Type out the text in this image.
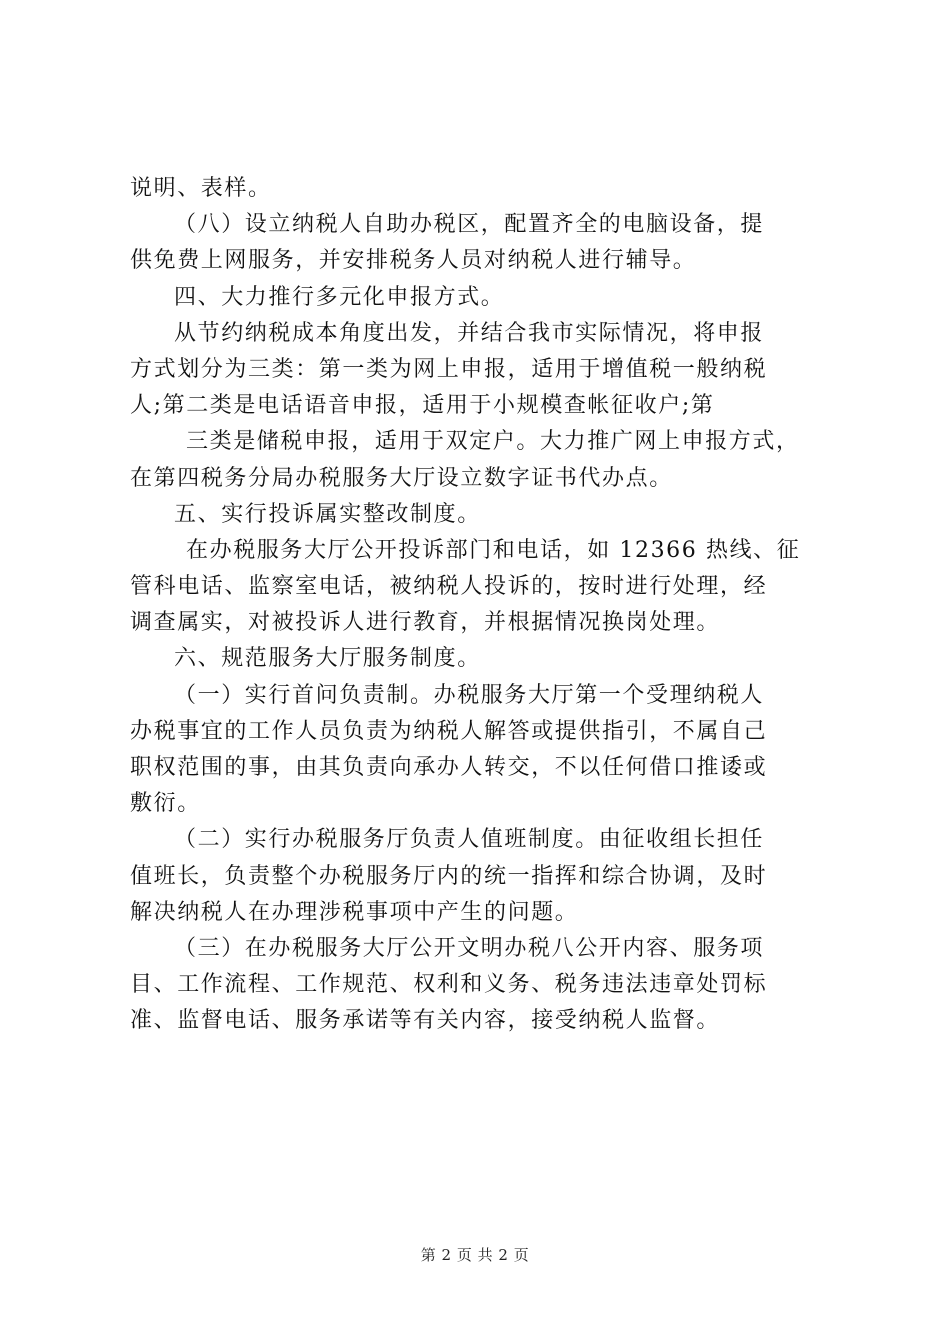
说明、表样。
（八）设立纳税人自助办税区，配置齐全的电脑设备，提
供免费上网服务，并安排税务人员对纳税人进行辅导。
四、大力推行多元化申报方式。
从节约纳税成本角度出发，并结合我市实际情况，将申报
方式划分为三类：第一类为网上申报，适用于增值税一般纳税
人;第二类是电话语音申报，适用于小规模查帐征收户;第
三类是储税申报，适用于双定户。大力推广网上申报方式，
在第四税务分局办税服务大厅设立数字证书代办点。
五、实行投诉属实整改制度。
在办税服务大厅公开投诉部门和电话，如 12366 热线、征
管科电话、监察室电话，被纳税人投诉的，按时进行处理，经
调查属实，对被投诉人进行教育，并根据情况换岗处理。
六、规范服务大厅服务制度。
（一）实行首问负责制。办税服务大厅第一个受理纳税人
办税事宜的工作人员负责为纳税人解答或提供指引，不属自己
职权范围的事，由其负责向承办人转交，不以任何借口推诿或
敷衍。
（二）实行办税服务厅负责人值班制度。由征收组长担任
值班长，负责整个办税服务厅内的统一指挥和综合协调，及时
解决纳税人在办理涉税事项中产生的问题。
（三）在办税服务大厅公开文明办税八公开内容、服务项
目、工作流程、工作规范、权利和义务、税务违法违章处罚标
准、监督电话、服务承诺等有关内容，接受纳税人监督。
第 2 页 共 2 页
